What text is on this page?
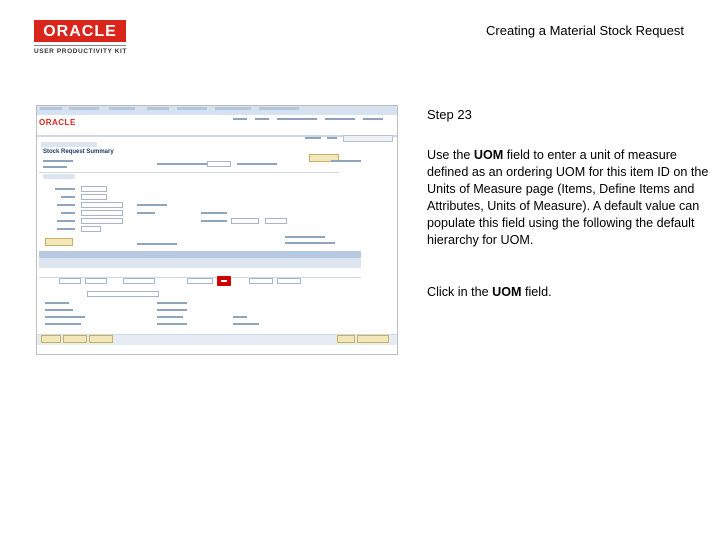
ORACLE
USER PRODUCTIVITY KIT
Creating a Material Stock Request
ORACLE
Stock Request Summary
Step 23
Use the UOM field to enter a unit of measure defined as an ordering UOM for this item ID on the Units of Measure page (Items, Define Items and Attributes, Units of Measure). A default value can populate this field using the following the default hierarchy for UOM.
Click in the UOM field.
